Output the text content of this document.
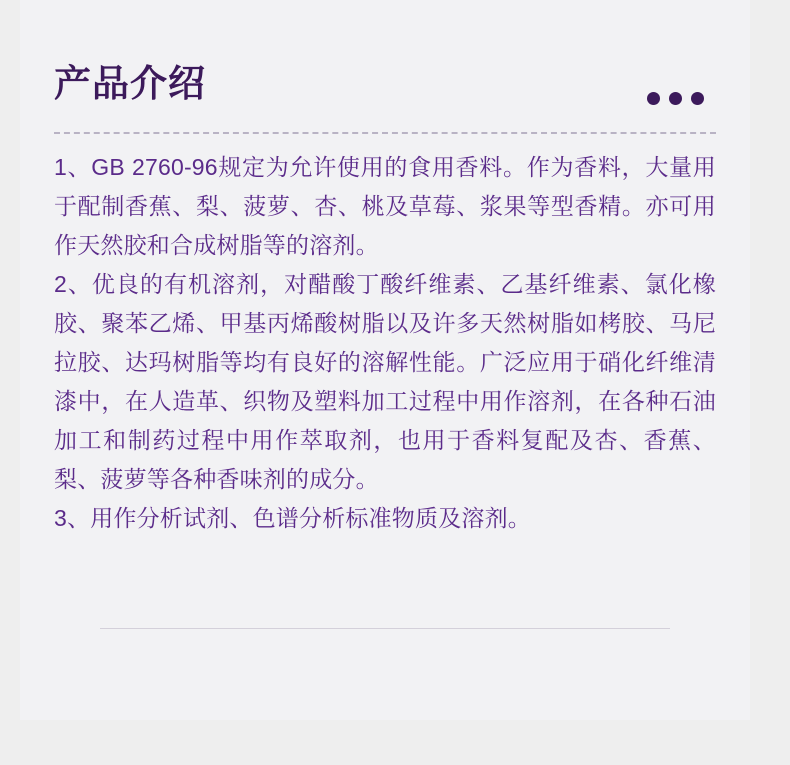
产品介绍

1、GB 2760-96规定为允许使用的食用香料。作为香料，大量用于配制香蕉、梨、菠萝、杏、桃及草莓、浆果等型香精。亦可用作天然胶和合成树脂等的溶剂。

2、优良的有机溶剂，对醋酸丁酸纤维素、乙基纤维素、氯化橡胶、聚苯乙烯、甲基丙烯酸树脂以及许多天然树脂如栲胶、马尼拉胶、达玛树脂等均有良好的溶解性能。广泛应用于硝化纤维清漆中，在人造革、织物及塑料加工过程中用作溶剂，在各种石油加工和制药过程中用作萃取剂，也用于香料复配及杏、香蕉、梨、菠萝等各种香味剂的成分。

3、用作分析试剂、色谱分析标准物质及溶剂。
